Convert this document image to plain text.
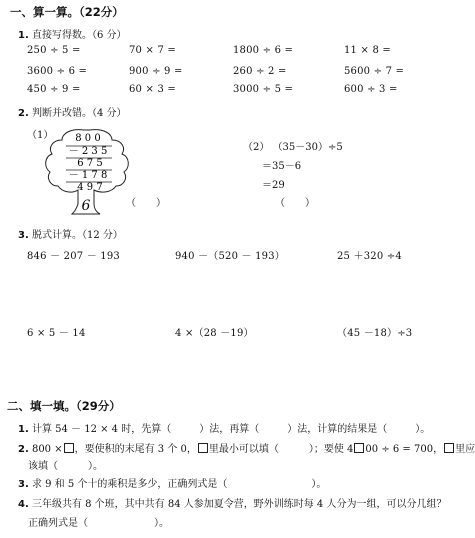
一、算一算。（22分）
1. 直接写得数。（6 分）
250 ÷ 5 =	70 × 7 =	1800 ÷ 6 =	11 × 8 =
3600 ÷ 6 =	900 ÷ 9 =	260 ÷ 2 =	5600 ÷ 7 =
450 ÷ 9 =	60 × 3 =	3000 ÷ 5 =	600 ÷ 3 =
2. 判断并改错。（4 分）
（1） 8 0 0
－ 2 3 5
6 7 5
－ 1 7 8
4 9 7
6	（　　）
（2） （35－30）÷5
＝35－6
＝29
（　　）
3. 脱式计算。（12 分）
846 － 207 － 193	940 －（520 － 193）	25 ＋320 ÷4
6 × 5 － 14	4 ×（28 －19）	（45 －18）÷3
二、填一填。（29分）
1. 计算 54 － 12 × 4 时，先算（	）法，再算（	）法，计算的结果是（	）。
2. 800 × ，要使积的末尾有 3 个 0， 里最小可以填（	）；要使 4 00 ÷ 6 = 700， 里应
该填（　　　）。
3. 求 9 和 5 个十的乘积是多少，正确列式是（	）。
4. 三年级共有 8 个班，其中共有 84 人参加夏令营，野外训练时每 4 人分为一组，可以分几组？
正确列式是（	）。
